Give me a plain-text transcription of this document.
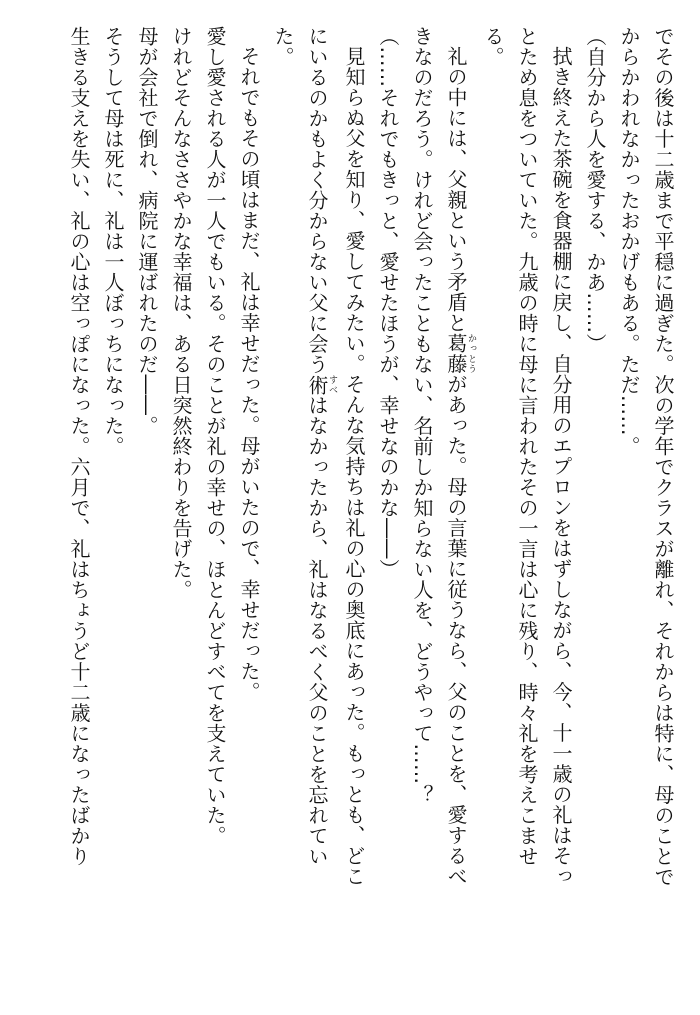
でその後は十二歳まで平穏に過ぎた。次の学年でクラスが離れ、それからは特に、母のことで
からかわれなかったおかげもある。ただ……。
（自分から人を愛する、かあ……）
拭き終えた茶碗を食器棚に戻し、自分用のエプロンをはずしながら、今、十一歳の礼はそっ
とため息をついていた。九歳の時に母に言われたその一言は心に残り、時々礼を考えこませ
る。
礼の中には、父親という矛盾と葛藤かっとうがあった。母の言葉に従うなら、父のことを、愛するべ
きなのだろう。けれど会ったこともない、名前しか知らない人を、どうやって……？
（……それでもきっと、愛せたほうが、幸せなのかな――）
見知らぬ父を知り、愛してみたい。そんな気持ちは礼の心の奥底にあった。もっとも、どこ
にいるのかもよく分からない父に会う術すべはなかったから、礼はなるべく父のことを忘れてい
た。
それでもその頃はまだ、礼は幸せだった。母がいたので、幸せだった。
愛し愛される人が一人でもいる。そのことが礼の幸せの、ほとんどすべてを支えていた。
けれどそんなささやかな幸福は、ある日突然終わりを告げた。
母が会社で倒れ、病院に運ばれたのだ――。
そうして母は死に、礼は一人ぼっちになった。
生きる支えを失い、礼の心は空っぽになった。六月で、礼はちょうど十二歳になったばかり
